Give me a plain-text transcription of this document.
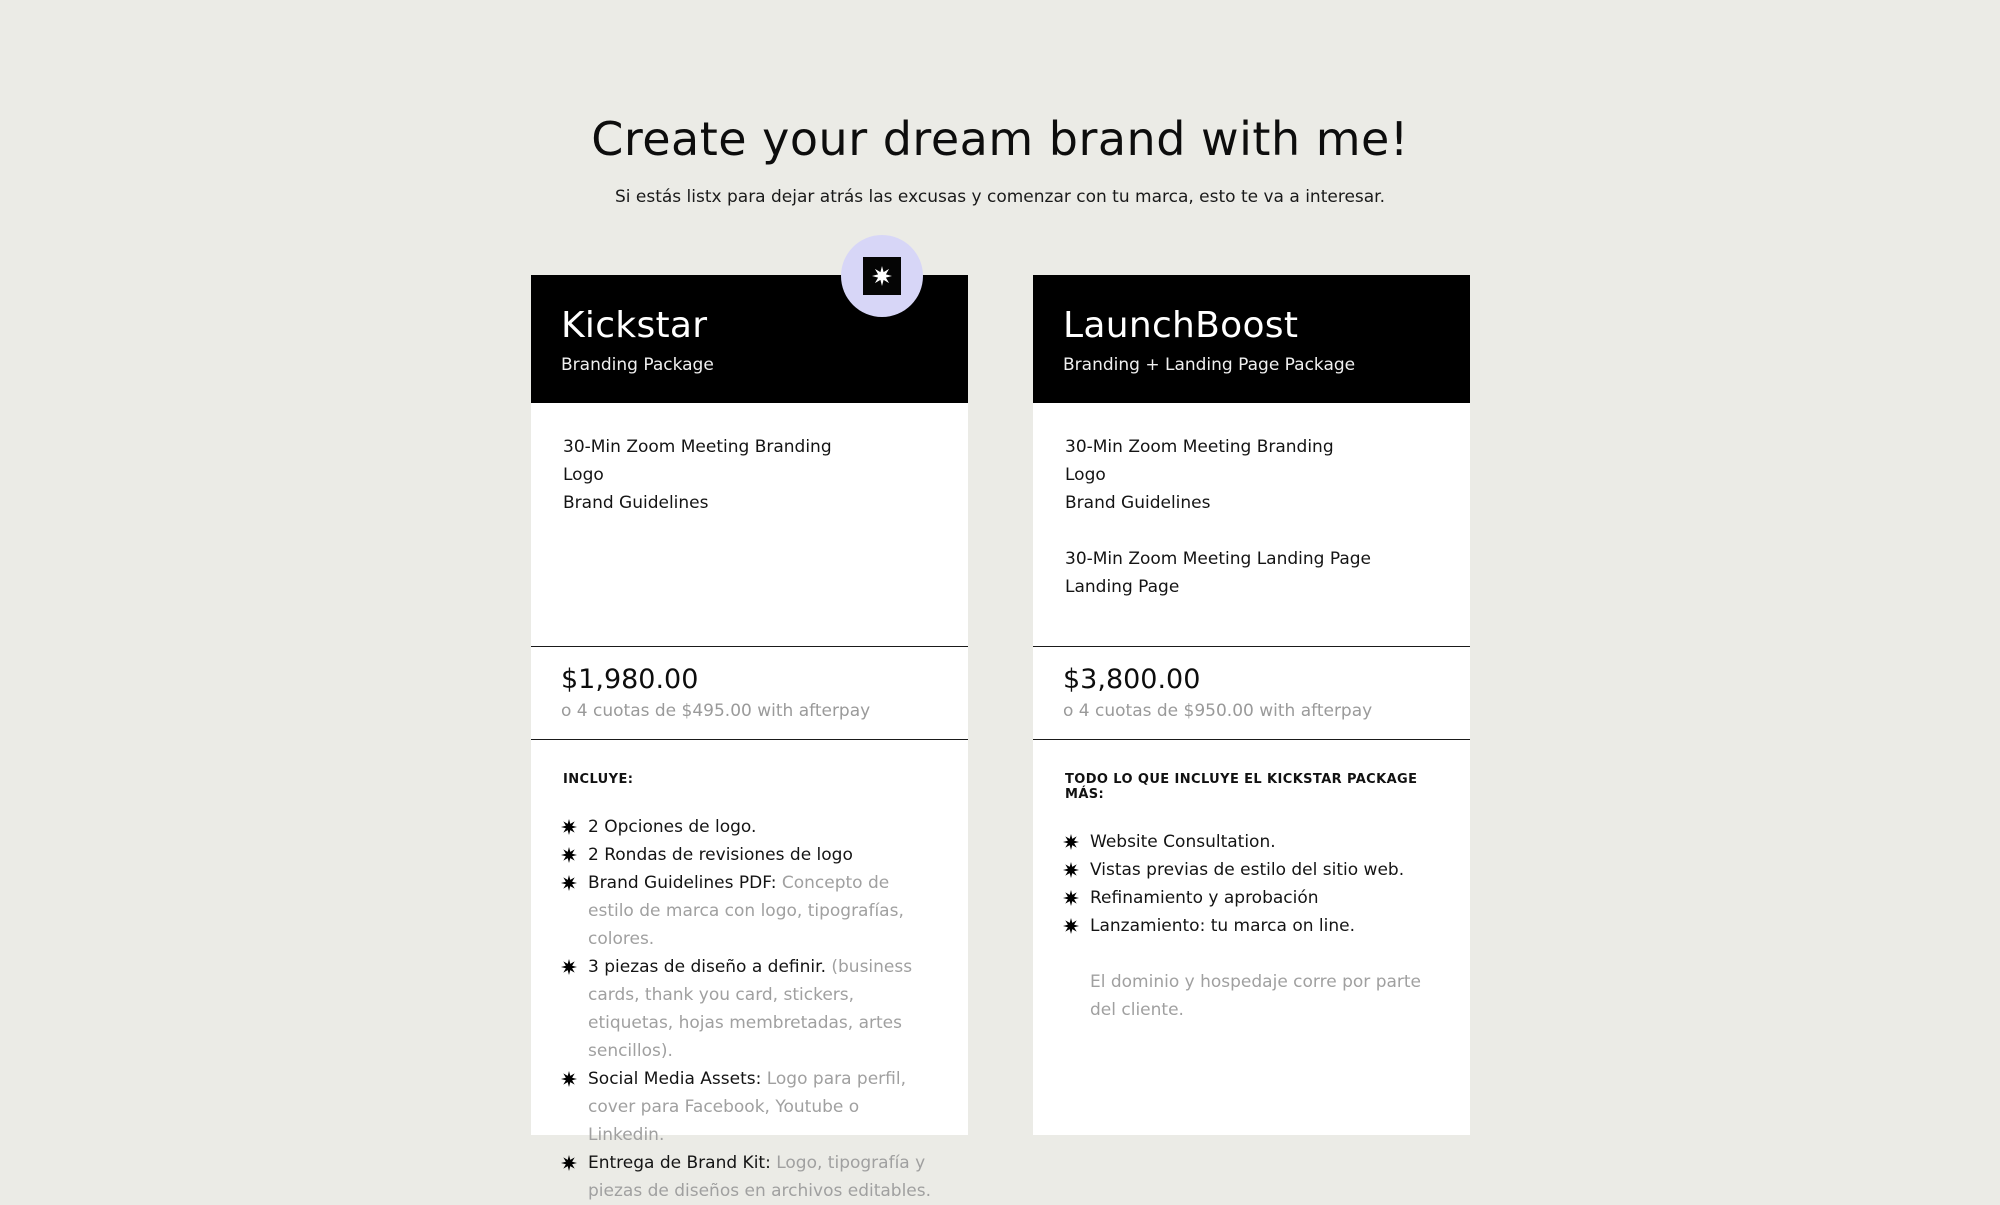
Create your dream brand with me!

Si estás listx para dejar atrás las excusas y comenzar con tu marca, esto te va a interesar.

Kickstar
Branding Package
30-Min Zoom Meeting Branding
Logo
Brand Guidelines
$1,980.00
o 4 cuotas de $495.00 with afterpay
INCLUYE:
2 Opciones de logo.
2 Rondas de revisiones de logo
Brand Guidelines PDF: Concepto de estilo de marca con logo, tipografías, colores.
3 piezas de diseño a definir. (business cards, thank you card, stickers, etiquetas, hojas membretadas, artes sencillos).
Social Media Assets: Logo para perfil, cover para Facebook, Youtube o Linkedin.
Entrega de Brand Kit: Logo, tipografía y piezas de diseños en archivos editables.
LaunchBoost
Branding + Landing Page Package
30-Min Zoom Meeting Branding
Logo
Brand Guidelines
30-Min Zoom Meeting Landing Page
Landing Page
$3,800.00
o 4 cuotas de $950.00 with afterpay
TODO LO QUE INCLUYE EL KICKSTAR PACKAGE MÁS:
Website Consultation.
Vistas previas de estilo del sitio web.
Refinamiento y aprobación
Lanzamiento: tu marca on line.
El dominio y hospedaje corre por parte del cliente.
